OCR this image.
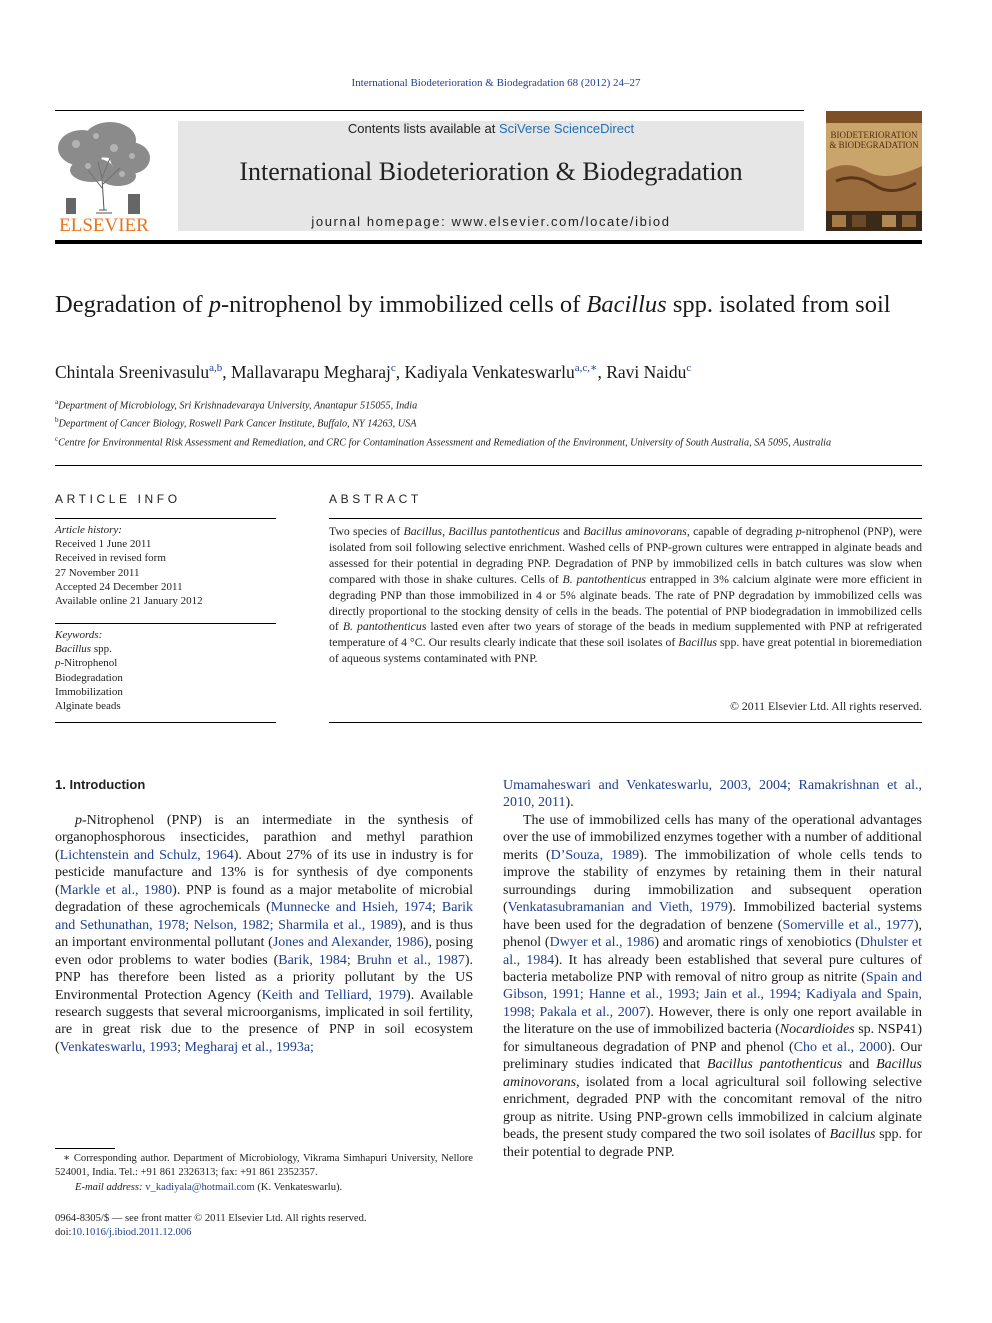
International Biodeterioration & Biodegradation 68 (2012) 24–27
ELSEVIER
Contents lists available at SciVerse ScienceDirect
International Biodeterioration & Biodegradation
journal homepage: www.elsevier.com/locate/ibiod
BIODETERIORATION
& BIODEGRADATION
Degradation of p-nitrophenol by immobilized cells of Bacillus spp. isolated from soil
Chintala Sreenivasulu$^{a,b}$, Mallavarapu Megharaj$^c$, Kadiyala Venkateswarlu$^{a,c,∗}$, Ravi Naidu$^c$
$^a$Department of Microbiology, Sri Krishnadevaraya University, Anantapur 515055, India
$^b$Department of Cancer Biology, Roswell Park Cancer Institute, Buffalo, NY 14263, USA
$^c$Centre for Environmental Risk Assessment and Remediation, and CRC for Contamination Assessment and Remediation of the Environment, University of South Australia, SA 5095, Australia
ARTICLE INFO
Article history:
Received 1 June 2011
Received in revised form
27 November 2011
Accepted 24 December 2011
Available online 21 January 2012
Keywords:
Bacillus spp.
p-Nitrophenol
Biodegradation
Immobilization
Alginate beads
ABSTRACT
Two species of Bacillus, Bacillus pantothenticus and Bacillus aminovorans, capable of degrading p-nitrophenol (PNP), were isolated from soil following selective enrichment. Washed cells of PNP-grown cultures were entrapped in alginate beads and assessed for their potential in degrading PNP. Degradation of PNP by immobilized cells in batch cultures was slow when compared with those in shake cultures. Cells of B. pantothenticus entrapped in 3% calcium alginate were more efficient in degrading PNP than those immobilized in 4 or 5% alginate beads. The rate of PNP degradation by immobilized cells was directly proportional to the stocking density of cells in the beads. The potential of PNP biodegradation in immobilized cells of B. pantothenticus lasted even after two years of storage of the beads in medium supplemented with PNP at refrigerated temperature of 4 °C. Our results clearly indicate that these soil isolates of Bacillus spp. have great potential in bioremediation of aqueous systems contaminated with PNP.
© 2011 Elsevier Ltd. All rights reserved.
1. Introduction

p-Nitrophenol (PNP) is an intermediate in the synthesis of organophosphorous insecticides, parathion and methyl parathion (Lichtenstein and Schulz, 1964). About 27% of its use in industry is for pesticide manufacture and 13% is for synthesis of dye components (Markle et al., 1980). PNP is found as a major metabolite of microbial degradation of these agrochemicals (Munnecke and Hsieh, 1974; Barik and Sethunathan, 1978; Nelson, 1982; Sharmila et al., 1989), and is thus an important environmental pollutant (Jones and Alexander, 1986), posing even odor problems to water bodies (Barik, 1984; Bruhn et al., 1987). PNP has therefore been listed as a priority pollutant by the US Environmental Protection Agency (Keith and Telliard, 1979). Available research suggests that several microorganisms, implicated in soil fertility, are in great risk due to the presence of PNP in soil ecosystem (Venkateswarlu, 1993; Megharaj et al., 1993a;

Umamaheswari and Venkateswarlu, 2003, 2004; Ramakrishnan et al., 2010, 2011).

The use of immobilized cells has many of the operational advantages over the use of immobilized enzymes together with a number of additional merits (D’Souza, 1989). The immobilization of whole cells tends to improve the stability of enzymes by retaining them in their natural surroundings during immobilization and subsequent operation (Venkatasubramanian and Vieth, 1979). Immobilized bacterial systems have been used for the degradation of benzene (Somerville et al., 1977), phenol (Dwyer et al., 1986) and aromatic rings of xenobiotics (Dhulster et al., 1984). It has already been established that several pure cultures of bacteria metabolize PNP with removal of nitro group as nitrite (Spain and Gibson, 1991; Hanne et al., 1993; Jain et al., 1994; Kadiyala and Spain, 1998; Pakala et al., 2007). However, there is only one report available in the literature on the use of immobilized bacteria (Nocardioides sp. NSP41) for simultaneous degradation of PNP and phenol (Cho et al., 2000). Our preliminary studies indicated that Bacillus pantothenticus and Bacillus aminovorans, isolated from a local agricultural soil following selective enrichment, degraded PNP with the concomitant removal of the nitro group as nitrite. Using PNP-grown cells immobilized in calcium alginate beads, the present study compared the two soil isolates of Bacillus spp. for their potential to degrade PNP.

∗ Corresponding author. Department of Microbiology, Vikrama Simhapuri University, Nellore 524001, India. Tel.: +91 861 2326313; fax: +91 861 2352357.
E-mail address: v_kadiyala@hotmail.com (K. Venkateswarlu).
0964-8305/$ — see front matter © 2011 Elsevier Ltd. All rights reserved.
doi:10.1016/j.ibiod.2011.12.006
